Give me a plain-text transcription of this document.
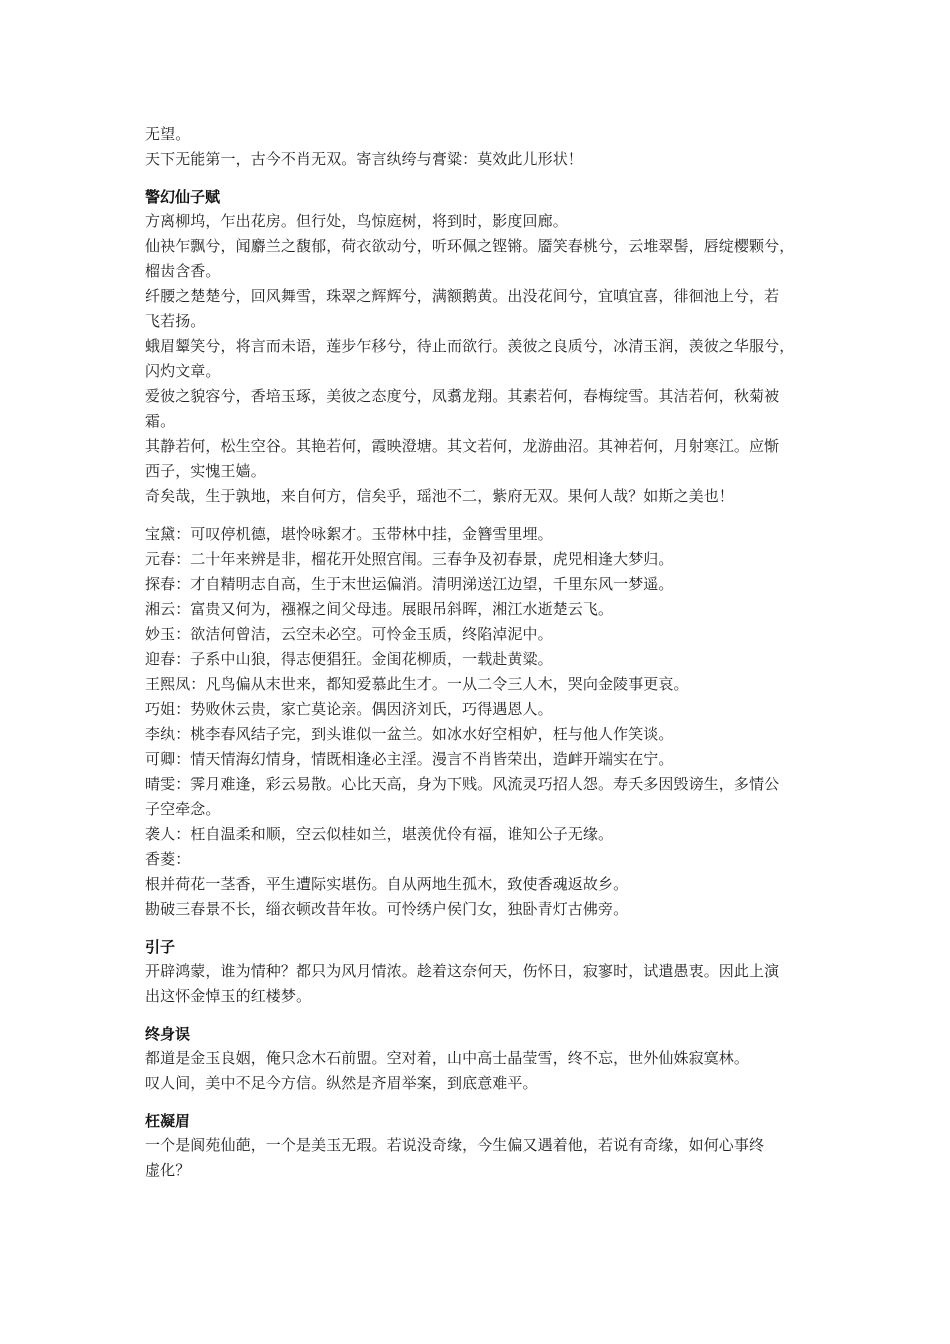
无望。
天下无能第一，古今不肖无双。寄言纨绔与膏粱：莫效此儿形状！
警幻仙子赋
方离柳坞，乍出花房。但行处，鸟惊庭树，将到时，影度回廊。
仙袂乍飘兮，闻麝兰之馥郁，荷衣欲动兮，听环佩之铿锵。靥笑春桃兮，云堆翠髻，唇绽樱颗兮，
榴齿含香。
纤腰之楚楚兮，回风舞雪，珠翠之辉辉兮，满额鹅黄。出没花间兮，宜嗔宜喜，徘徊池上兮，若
飞若扬。
蛾眉颦笑兮，将言而未语，莲步乍移兮，待止而欲行。羡彼之良质兮，冰清玉润，羡彼之华服兮，
闪灼文章。
爱彼之貌容兮，香培玉琢，美彼之态度兮，凤翥龙翔。其素若何，春梅绽雪。其洁若何，秋菊被
霜。
其静若何，松生空谷。其艳若何，霞映澄塘。其文若何，龙游曲沼。其神若何，月射寒江。应惭
西子，实愧王嫱。
奇矣哉，生于孰地，来自何方，信矣乎，瑶池不二，紫府无双。果何人哉？如斯之美也！
宝黛：可叹停机德，堪怜咏絮才。玉带林中挂，金簪雪里埋。
元春：二十年来辨是非，榴花开处照宫闱。三春争及初春景，虎兕相逢大梦归。
探春：才自精明志自高，生于末世运偏消。清明涕送江边望，千里东风一梦遥。
湘云：富贵又何为，襁褓之间父母违。展眼吊斜晖，湘江水逝楚云飞。
妙玉：欲洁何曾洁，云空未必空。可怜金玉质，终陷淖泥中。
迎春：子系中山狼，得志便猖狂。金闺花柳质，一载赴黄粱。
王熙凤：凡鸟偏从末世来，都知爱慕此生才。一从二令三人木，哭向金陵事更哀。
巧姐：势败休云贵，家亡莫论亲。偶因济刘氏，巧得遇恩人。
李纨：桃李春风结子完，到头谁似一盆兰。如冰水好空相妒，枉与他人作笑谈。
可卿：情天情海幻情身，情既相逢必主淫。漫言不肖皆荣出，造衅开端实在宁。
晴雯：霁月难逢，彩云易散。心比天高，身为下贱。风流灵巧招人怨。寿夭多因毁谤生，多情公
子空牵念。
袭人：枉自温柔和顺，空云似桂如兰，堪羡优伶有福，谁知公子无缘。
香菱：
根并荷花一茎香，平生遭际实堪伤。自从两地生孤木，致使香魂返故乡。
勘破三春景不长，缁衣顿改昔年妆。可怜绣户侯门女，独卧青灯古佛旁。
引子
开辟鸿蒙，谁为情种？都只为风月情浓。趁着这奈何天，伤怀日，寂寥时，试遣愚衷。因此上演
出这怀金悼玉的红楼梦。
终身误
都道是金玉良姻，俺只念木石前盟。空对着，山中高士晶莹雪，终不忘，世外仙姝寂寞林。
叹人间，美中不足今方信。纵然是齐眉举案，到底意难平。
枉凝眉
一个是阆苑仙葩，一个是美玉无瑕。若说没奇缘，今生偏又遇着他，若说有奇缘，如何心事终
虚化？
